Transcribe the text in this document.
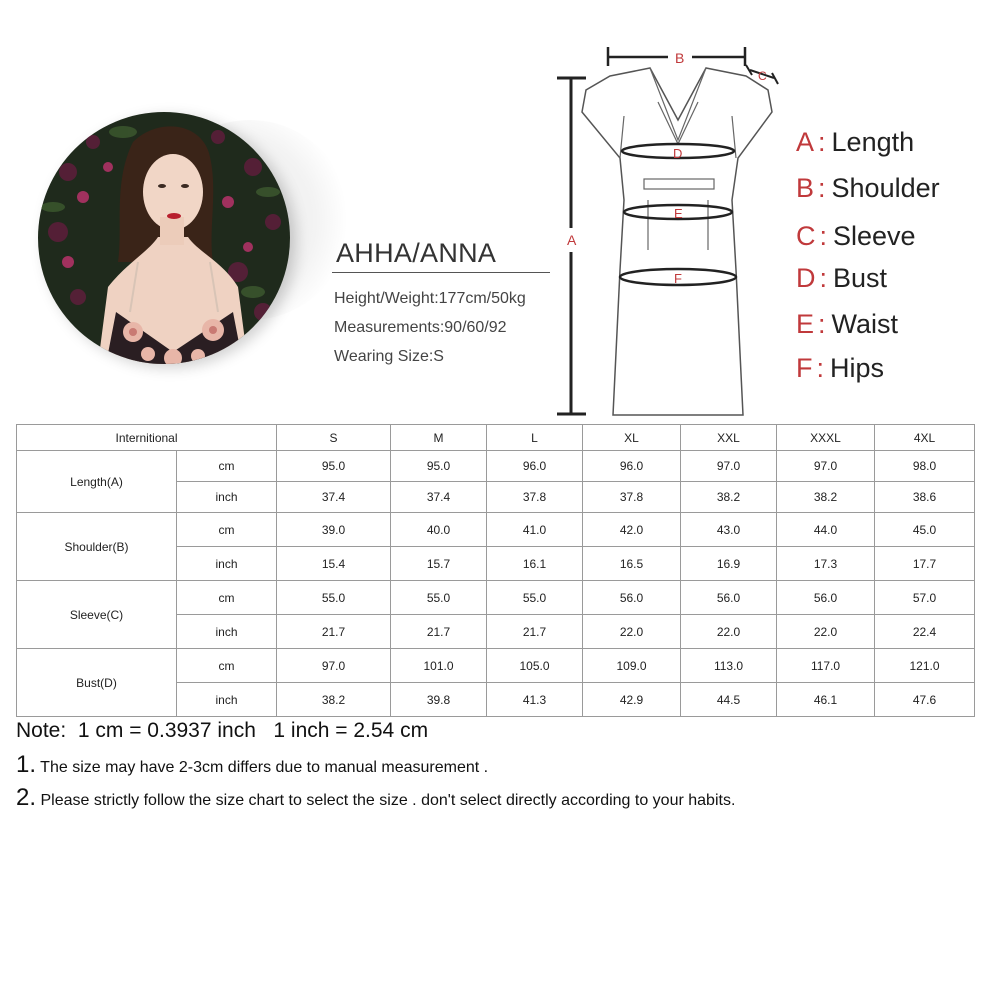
AHHA/ANNA
Height/Weight:177cm/50kg
Measurements:90/60/92
Wearing Size:S
A
B
C
D
E
F
A : Length
B : Shoulder
C : Sleeve
D : Bust
E : Waist
F : Hips
Internitional		S	M	L	XL	XXL	XXXL	4XL
Length(A)	cm	95.0	95.0	96.0	96.0	97.0	97.0	98.0
	inch	37.4	37.4	37.8	37.8	38.2	38.2	38.6
Shoulder(B)	cm	39.0	40.0	41.0	42.0	43.0	44.0	45.0
	inch	15.4	15.7	16.1	16.5	16.9	17.3	17.7
Sleeve(C)	cm	55.0	55.0	55.0	56.0	56.0	56.0	57.0
	inch	21.7	21.7	21.7	22.0	22.0	22.0	22.4
Bust(D)	cm	97.0	101.0	105.0	109.0	113.0	117.0	121.0
	inch	38.2	39.8	41.3	42.9	44.5	46.1	47.6
Note:  1 cm = 0.3937 inch   1 inch = 2.54 cm
1. The size may have 2-3cm differs due to manual measurement .
2. Please strictly follow the size chart to select the size . don't select directly according to your habits.
